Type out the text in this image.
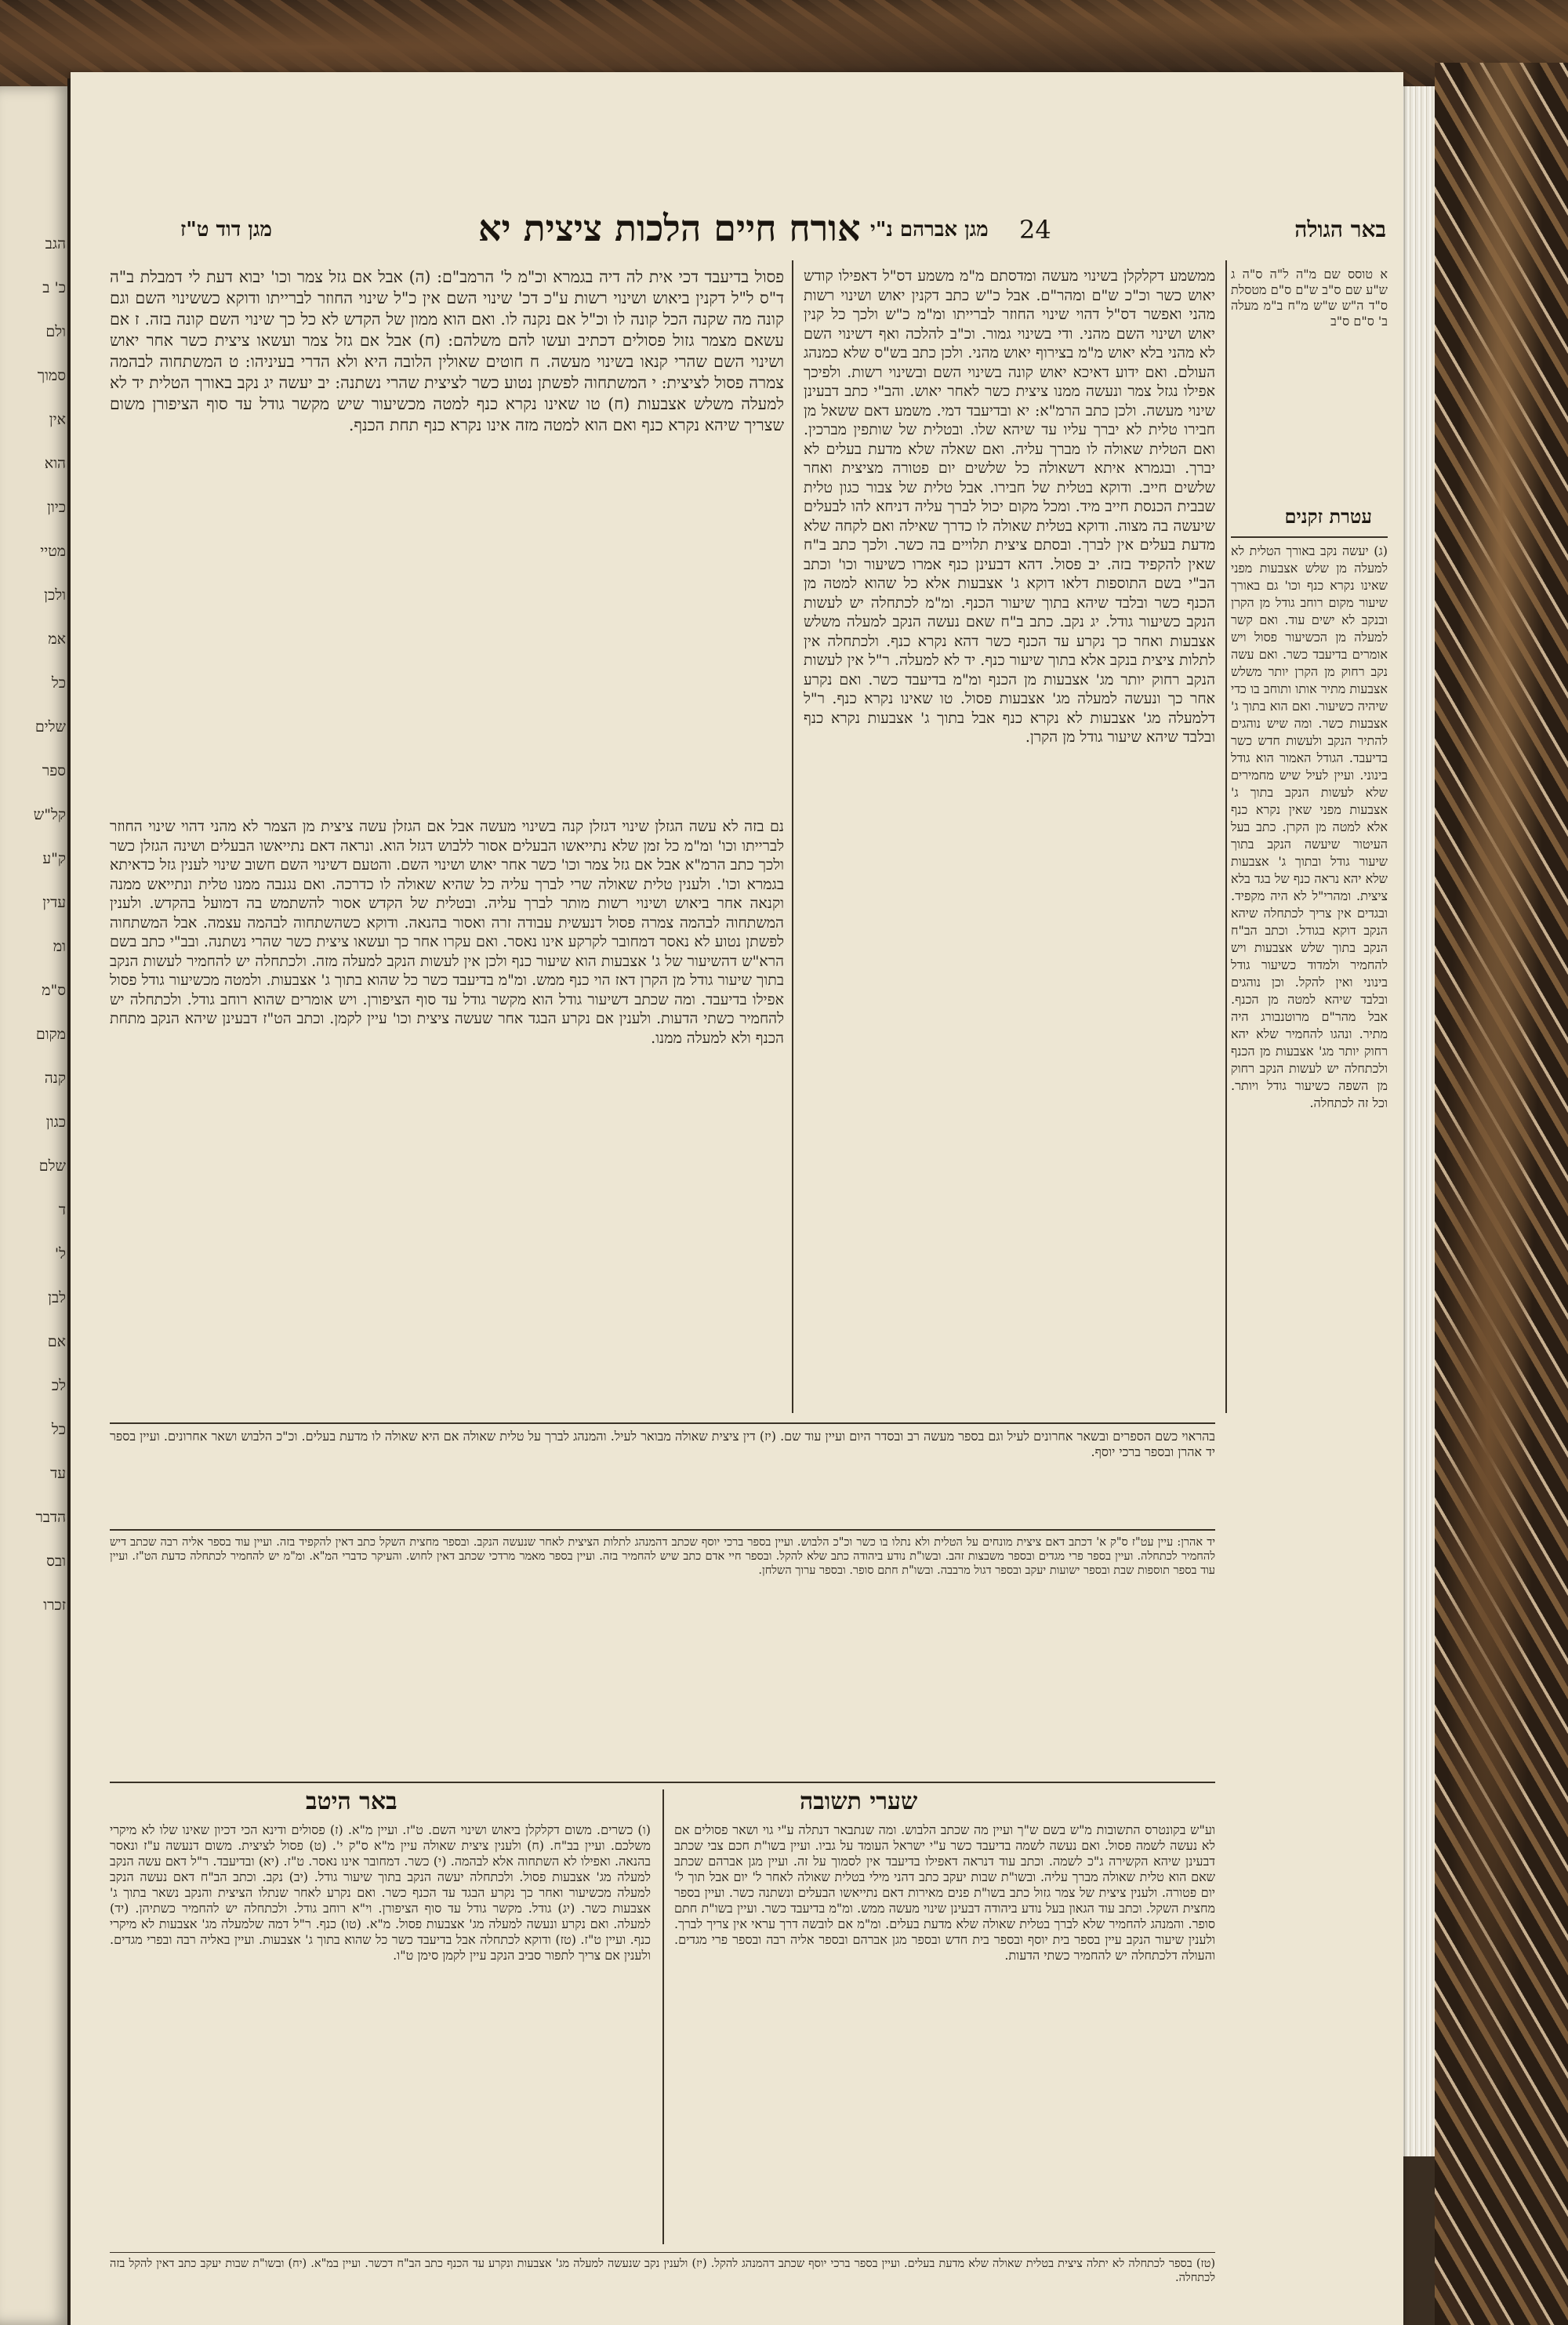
הגב
כ' ב
ולם
סמוך
אין
הוא
כיון
מטיי
ולכן
אמ
כל
שלים
ספר
קל"ש
ק"ע
עדין
ומ
ס"מ
מקום
קנה
כגון
שלם
ד
ל'
לבן
אם
לכ
כל
עד
הדבר
ובס
זכרו
24	באר הגולה
מגן אברהם נ"י
אורח חיים הלכות ציצית יא
מגן דוד ט"ז
א טוסס שם מ"ה ל"ה ס"ה ג ש"ע שם ס"ב ש"ם ס"ם מטסלת ס"ד ה"ש ש"ש מ"ח ב"מ מעלה ב' ס"ם ס"ב
עטרת זקנים
(ג) יעשה נקב באורך הטלית לא למעלה מן שלש אצבעות מפני שאינו נקרא כנף וכו' גם באורך שיעור מקום רוחב גודל מן הקרן ובנקב לא ישים עוד. ואם קשר למעלה מן הכשיעור פסול ויש אומרים בדיעבד כשר. ואם עשה נקב רחוק מן הקרן יותר משלש אצבעות מתיר אותו ותוחב בו כדי שיהיה כשיעור. ואם הוא בתוך ג' אצבעות כשר. ומה שיש נוהגים להתיר הנקב ולעשות חדש כשר בדיעבד. הגודל האמור הוא גודל בינוני. ועיין לעיל שיש מחמירים שלא לעשות הנקב בתוך ג' אצבעות מפני שאין נקרא כנף אלא למטה מן הקרן. כתב בעל העיטור שיעשה הנקב בתוך שיעור גודל ובתוך ג' אצבעות שלא יהא נראה כנף של בגד בלא ציצית. ומהרי"ל לא היה מקפיד. ובגדים אין צריך לכתחלה שיהא הנקב דוקא בגודל. וכתב הב"ח הנקב בתוך שלש אצבעות ויש להחמיר ולמדוד כשיעור גודל בינוני ואין להקל. וכן נוהגים ובלבד שיהא למטה מן הכנף. אבל מהר"ם מרוטנבורג היה מתיר. ונהגו להחמיר שלא יהא רחוק יותר מג' אצבעות מן הכנף ולכתחלה יש לעשות הנקב רחוק מן השפה כשיעור גודל ויותר. וכל זה לכתחלה.
ממשמע דקלקלן בשינוי מעשה ומדסתם מ"מ משמע דס"ל דאפילו קודש יאוש כשר וכ"כ ש"ם ומהר"ם. אבל כ"ש כתב דקנין יאוש ושינוי רשות מהני ואפשר דס"ל דהוי שינוי החוזר לברייתו ומ"מ כ"ש ולכך כל קנין יאוש ושינוי השם מהני. ודי בשינוי גמור. וכ"ב להלכה ואף דשינוי השם לא מהני בלא יאוש מ"מ בצירוף יאוש מהני. ולכן כתב בש"ס שלא כמנהג העולם. ואם ידוע דאיכא יאוש קונה בשינוי השם ובשינוי רשות. ולפיכך אפילו נגזל צמר ונעשה ממנו ציצית כשר לאחר יאוש. והב"י כתב דבעינן שינוי מעשה. ולכן כתב הרמ"א: יא ובדיעבד דמי. משמע דאם ששאל מן חבירו טלית לא יברך עליו עד שיהא שלו. ובטלית של שותפין מברכין. ואם הטלית שאולה לו מברך עליה. ואם שאלה שלא מדעת בעלים לא יברך. ובגמרא איתא דשאולה כל שלשים יום פטורה מציצית ואחר שלשים חייב. ודוקא בטלית של חבירו. אבל טלית של צבור כגון טלית שבבית הכנסת חייב מיד. ומכל מקום יכול לברך עליה דניחא להו לבעלים שיעשה בה מצוה. ודוקא בטלית שאולה לו כדרך שאילה ואם לקחה שלא מדעת בעלים אין לברך. ובסתם ציצית תלויים בה כשר. ולכך כתב ב"ח שאין להקפיד בזה. יב פסול. דהא דבעינן כנף אמרו כשיעור וכו' וכתב הב"י בשם התוספות דלאו דוקא ג' אצבעות אלא כל שהוא למטה מן הכנף כשר ובלבד שיהא בתוך שיעור הכנף. ומ"מ לכתחלה יש לעשות הנקב כשיעור גודל. יג נקב. כתב ב"ח שאם נעשה הנקב למעלה משלש אצבעות ואחר כך נקרע עד הכנף כשר דהא נקרא כנף. ולכתחלה אין לתלות ציצית בנקב אלא בתוך שיעור כנף. יד לא למעלה. ר"ל אין לעשות הנקב רחוק יותר מג' אצבעות מן הכנף ומ"מ בדיעבד כשר. ואם נקרע אחר כך ונעשה למעלה מג' אצבעות פסול. טו שאינו נקרא כנף. ר"ל דלמעלה מג' אצבעות לא נקרא כנף אבל בתוך ג' אצבעות נקרא כנף ובלבד שיהא שיעור גודל מן הקרן.
פסול בדיעבד דכי אית לה דיה בגמרא וכ"מ ל' הרמב"ם: (ה) אבל אם גזל צמר וכו' יבוא דעת לי דמבלת ב"ה ד"ס ל"ל דקנין ביאוש ושינוי רשות ע"כ דכ' שינוי השם אין כ"ל שינוי החוזר לברייתו ודוקא כששינוי השם וגם קונה מה שקנה הכל קונה לו וכ"ל אם נקנה לו. ואם הוא ממון של הקדש לא כל כך שינוי השם קונה בזה. ז אם עשאם מצמר גזול פסולים דכתיב ועשו להם משלהם: (ח) אבל אם גזל צמר ועשאו ציצית כשר אחר יאוש ושינוי השם שהרי קנאו בשינוי מעשה. ח חוטים שאולין הלובה היא ולא הדרי בעיניהו: ט המשתחוה לבהמה צמרה פסול לציצית: י המשתחוה לפשתן נטוע כשר לציצית שהרי נשתנה: יב יעשה יג נקב באורך הטלית יד לא למעלה משלש אצבעות (ח) טו שאינו נקרא כנף למטה מכשיעור שיש מקשר גודל עד סוף הציפורן משום שצריך שיהא נקרא כנף ואם הוא למטה מזה אינו נקרא כנף תחת הכנף.
נם בזה לא עשה הגזלן שינוי דגזלן קנה בשינוי מעשה אבל אם הגזלן עשה ציצית מן הצמר לא מהני דהוי שינוי החוזר לברייתו וכו' ומ"מ כל זמן שלא נתייאשו הבעלים אסור ללבוש דגזל הוא. ונראה דאם נתייאשו הבעלים ושינה הגזלן כשר ולכך כתב הרמ"א אבל אם גזל צמר וכו' כשר אחר יאוש ושינוי השם. והטעם דשינוי השם חשוב שינוי לענין גזל כדאיתא בגמרא וכו'. ולענין טלית שאולה שרי לברך עליה כל שהיא שאולה לו כדרכה. ואם נגנבה ממנו טלית ונתייאש ממנה וקנאה אחר ביאוש ושינוי רשות מותר לברך עליה. ובטלית של הקדש אסור להשתמש בה דמועל בהקדש. ולענין המשתחוה לבהמה צמרה פסול דנעשית עבודה זרה ואסור בהנאה. ודוקא כשהשתחוה לבהמה עצמה. אבל המשתחוה לפשתן נטוע לא נאסר דמחובר לקרקע אינו נאסר. ואם עקרו אחר כך ועשאו ציצית כשר שהרי נשתנה. ובב"י כתב בשם הרא"ש דהשיעור של ג' אצבעות הוא שיעור כנף ולכן אין לעשות הנקב למעלה מזה. ולכתחלה יש להחמיר לעשות הנקב בתוך שיעור גודל מן הקרן דאז הוי כנף ממש. ומ"מ בדיעבד כשר כל שהוא בתוך ג' אצבעות. ולמטה מכשיעור גודל פסול אפילו בדיעבד. ומה שכתב דשיעור גודל הוא מקשר גודל עד סוף הציפורן. ויש אומרים שהוא רוחב גודל. ולכתחלה יש להחמיר כשתי הדעות. ולענין אם נקרע הבגד אחר שעשה ציצית וכו' עיין לקמן. וכתב הט"ז דבעינן שיהא הנקב מתחת הכנף ולא למעלה ממנו.
בהראוי כשם הספרים ובשאר אחרונים לעיל וגם בספר מעשה רב ובסדר היום ועיין עוד שם. (יז) דין ציצית שאולה מבואר לעיל. והמנהג לברך על טלית שאולה אם היא שאולה לו מדעת בעלים. וכ"כ הלבוש ושאר אחרונים. ועיין בספר יד אהרן ובספר ברכי יוסף.
יד אהרן: עיין עט"ז ס"ק א' דכתב דאם ציצית מונחים על הטלית ולא נתלו בו כשר וכ"כ הלבוש. ועיין בספר ברכי יוסף שכתב דהמנהג לתלות הציצית לאחר שנעשה הנקב. ובספר מחצית השקל כתב דאין להקפיד בזה. ועיין עוד בספר אליה רבה שכתב דיש להחמיר לכתחלה. ועיין בספר פרי מגדים ובספר משבצות זהב. ובשו"ת נודע ביהודה כתב שלא להקל. ובספר חיי אדם כתב שיש להחמיר בזה. ועיין בספר מאמר מרדכי שכתב דאין לחוש. והעיקר כדברי המ"א. ומ"מ יש להחמיר לכתחלה כדעת הט"ז. ועיין עוד בספר תוספות שבת ובספר ישועות יעקב ובספר דגול מרבבה. ובשו"ת חתם סופר. ובספר ערוך השלחן.
שערי תשובה
באר היטב
וע"ש בקונטרס התשובות מ"ש בשם ש"ך ועיין מה שכתב הלבוש. ומה שנתבאר דנתלה ע"י גוי ושאר פסולים אם לא נעשה לשמה פסול. ואם נעשה לשמה בדיעבד כשר ע"י ישראל העומד על גביו. ועיין בשו"ת חכם צבי שכתב דבעינן שיהא הקשירה ג"כ לשמה. וכתב עוד דנראה דאפילו בדיעבד אין לסמוך על זה. ועיין מגן אברהם שכתב שאם הוא טלית שאולה מברך עליה. ובשו"ת שבות יעקב כתב דהני מילי בטלית שאולה לאחר ל' יום אבל תוך ל' יום פטורה. ולענין ציצית של צמר גזול כתב בשו"ת פנים מאירות דאם נתייאשו הבעלים ונשתנה כשר. ועיין בספר מחצית השקל. וכתב עוד הגאון בעל נודע ביהודה דבעינן שינוי מעשה ממש. ומ"מ בדיעבד כשר. ועיין בשו"ת חתם סופר. והמנהג להחמיר שלא לברך בטלית שאולה שלא מדעת בעלים. ומ"מ אם לובשה דרך עראי אין צריך לברך. ולענין שיעור הנקב עיין בספר בית יוסף ובספר בית חדש ובספר מגן אברהם ובספר אליה רבה ובספר פרי מגדים. והעולה דלכתחלה יש להחמיר כשתי הדעות.
(ו) כשרים. משום דקלקלן ביאוש ושינוי השם. ט"ז. ועיין מ"א. (ז) פסולים ודינא הכי דכיון שאינו שלו לא מיקרי משלכם. ועיין בב"ח. (ח) ולענין ציצית שאולה עיין מ"א ס"ק י'. (ט) פסול לציצית. משום דנעשה ע"ז ונאסר בהנאה. ואפילו לא השתחוה אלא לבהמה. (י) כשר. דמחובר אינו נאסר. ט"ז. (יא) ובדיעבד. ר"ל דאם עשה הנקב למעלה מג' אצבעות פסול. ולכתחלה יעשה הנקב בתוך שיעור גודל. (יב) נקב. וכתב הב"ח דאם נעשה הנקב למעלה מכשיעור ואחר כך נקרע הבגד עד הכנף כשר. ואם נקרע לאחר שנתלו הציצית והנקב נשאר בתוך ג' אצבעות כשר. (יג) גודל. מקשר גודל עד סוף הציפורן. וי"א רוחב גודל. ולכתחלה יש להחמיר כשתיהן. (יד) למעלה. ואם נקרע ונעשה למעלה מג' אצבעות פסול. מ"א. (טו) כנף. ר"ל דמה שלמעלה מג' אצבעות לא מיקרי כנף. ועיין ט"ז. (טז) ודוקא לכתחלה אבל בדיעבד כשר כל שהוא בתוך ג' אצבעות. ועיין באליה רבה ובפרי מגדים. ולענין אם צריך לתפור סביב הנקב עיין לקמן סימן ט"ו.
(טז) בספר לכתחלה לא יתלה ציצית בטלית שאולה שלא מדעת בעלים. ועיין בספר ברכי יוסף שכתב דהמנהג להקל. (יז) ולענין נקב שנעשה למעלה מג' אצבעות ונקרע עד הכנף כתב הב"ח דכשר. ועיין במ"א. (יח) ובשו"ת שבות יעקב כתב דאין להקל בזה לכתחלה.
